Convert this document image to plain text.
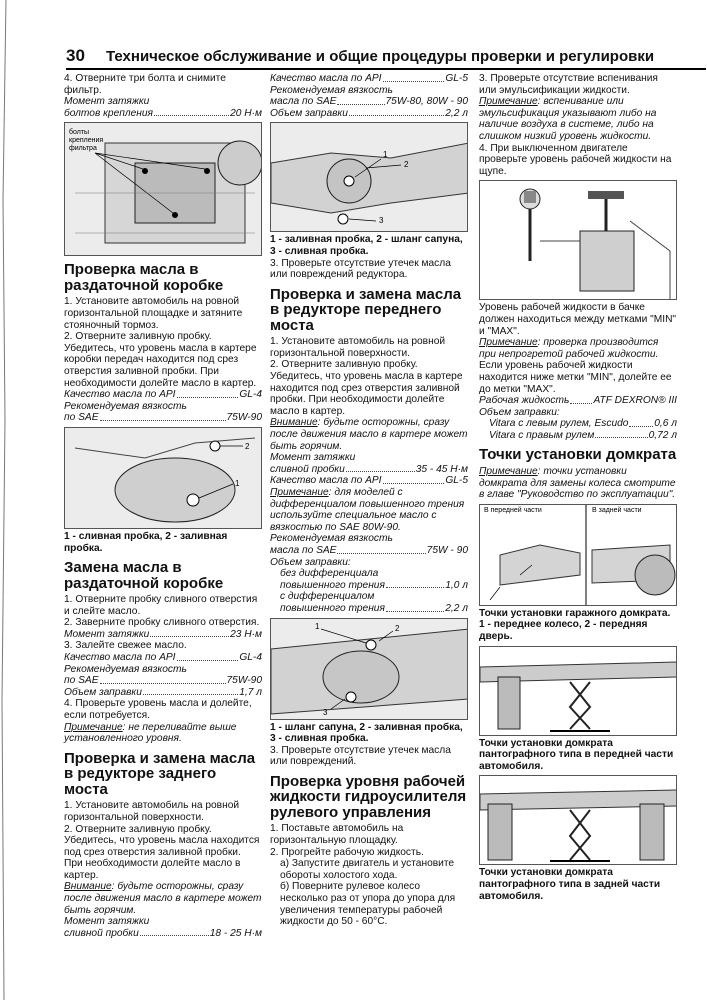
30 Техническое обслуживание и общие процедуры проверки и регулировки

4. Отверните три болта и снимите фильтр.

Момент затяжки

болтов крепления	20 Н·м
болты крепления фильтра
Проверка масла в раздаточной коробке

1. Установите автомобиль на ровной горизонтальной площадке и затяните стояночный тормоз.

2. Отверните заливную пробку. Убедитесь, что уровень масла в картере коробки передач находится под срез отверстия заливной пробки. При необходимости долейте масло в картер.

Качество масла по API	GL-4

Рекомендуемая вязкость

по SAE	75W-90
1
2

1 - сливная пробка, 2 - заливная пробка.

Замена масла в раздаточной коробке

1. Отверните пробку сливного отверстия и слейте масло.

2. Заверните пробку сливного отверстия.

Момент затяжки	23 Н·м

3. Залейте свежее масло.

Качество масла по API	GL-4

Рекомендуемая вязкость

по SAE	75W-90
Объем заправки	1,7 л

4. Проверьте уровень масла и долейте, если потребуется.

Примечание: не переливайте выше установленного уровня.

Проверка и замена масла в редукторе заднего моста

1. Установите автомобиль на ровной горизонтальной поверхности.

2. Отверните заливную пробку. Убедитесь, что уровень масла находится под срез отверстия заливной пробки. При необходимости долейте масло в картер.

Внимание: будьте осторожны, сразу после движения масло в картере может быть горячим.

Момент затяжки

сливной пробки	18 - 25 Н·м
Качество масла по API	GL-5

Рекомендуемая вязкость

масла по SAE	75W-80, 80W - 90
Объем заправки	2,2 л
1
2
3

1 - заливная пробка, 2 - шланг сапуна, 3 - сливная пробка.

3. Проверьте отсутствие утечек масла или повреждений редуктора.

Проверка и замена масла в редукторе переднего моста

1. Установите автомобиль на ровной горизонтальной поверхности.

2. Отверните заливную пробку. Убедитесь, что уровень масла в картере находится под срез отверстия заливной пробки. При необходимости долейте масло в картер.

Внимание: будьте осторожны, сразу после движения масло в картере может быть горячим.

Момент затяжки

сливной пробки	35 - 45 Н·м
Качество масла по API	GL-5

Примечание: для моделей с дифференциалом повышенного трения используйте специальное масло с вязкостью по SAE 80W-90.

Рекомендуемая вязкость

масла по SAE	75W - 90

Объем заправки:

без дифференциала

повышенного трения	1,0 л

с дифференциалом

повышенного трения	2,2 л
1	2
3

1 - шланг сапуна, 2 - заливная пробка, 3 - сливная пробка.

3. Проверьте отсутствие утечек масла или повреждений.

Проверка уровня рабочей жидкости гидроусилителя рулевого управления

1. Поставьте автомобиль на горизонтальную площадку.

2. Прогрейте рабочую жидкость.

а) Запустите двигатель и установите обороты холостого хода.

б) Поверните рулевое колесо несколько раз от упора до упора для увеличения температуры рабочей жидкости до 50 - 60°С.

3. Проверьте отсутствие вспенивания или эмульсификации жидкости.

Примечание: вспенивание или эмульсификация указывают либо на наличие воздуха в системе, либо на слишком низкий уровень жидкости.

4. При выключенном двигателе проверьте уровень рабочей жидкости на щупе.

Уровень рабочей жидкости в бачке должен находиться между метками "MIN" и "MAX".

Примечание: проверка производится при непрогретой рабочей жидкости.

Если уровень рабочей жидкости находится ниже метки "MIN", долейте ее до метки "MAX".

Рабочая жидкость ATF DEXRON® III

Объем заправки:

Vitara с левым рулем, Escudo	0,6 л
Vitara с правым рулем	0,72 л
Точки установки домкрата

Примечание: точки установки домкрата для замены колеса смотрите в главе "Руководство по эксплуатации".

В передней части	В задней части

Точки установки гаражного домкрата. 1 - переднее колесо, 2 - передняя дверь.

Точки установки домкрата пантографного типа в передней части автомобиля.

Точки установки домкрата пантографного типа в задней части автомобиля.
